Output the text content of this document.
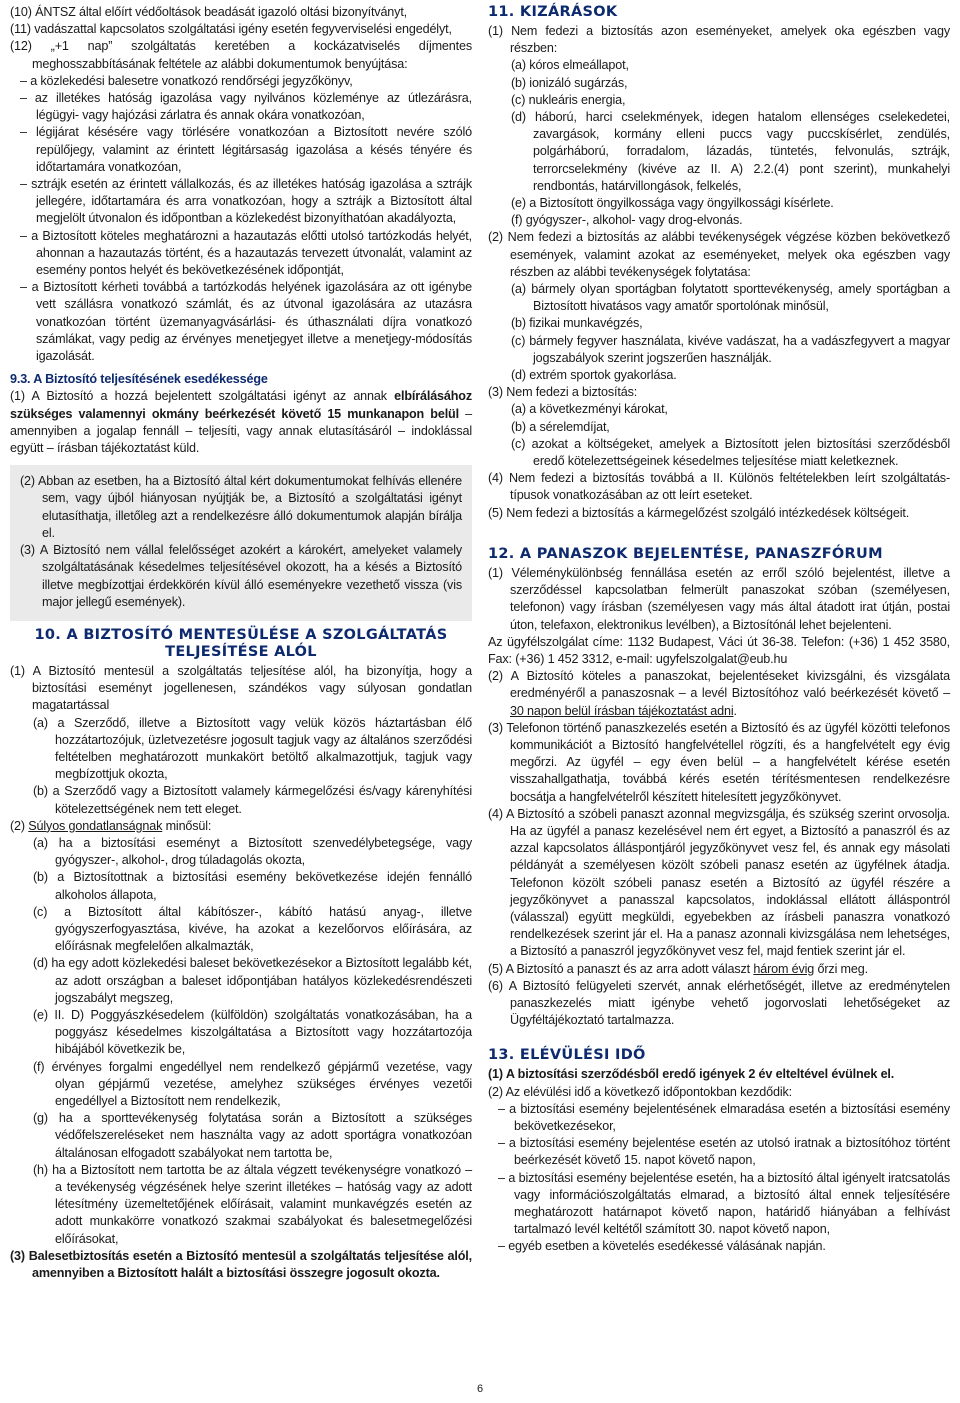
(10) ÁNTSZ által előírt védőoltások beadását igazoló oltási bizonyítványt,

(11) vadászattal kapcsolatos szolgáltatási igény esetén fegyverviselési engedélyt,

(12) „+1 nap” szolgáltatás keretében a kockázatviselés díjmentes meghosszabbításának feltétele az alábbi dokumentumok benyújtása:

– a közlekedési balesetre vonatkozó rendőrségi jegyzőkönyv,

– az illetékes hatóság igazolása vagy nyilvános közleménye az útlezárásra, légügyi- vagy hajózási zárlatra és annak okára vonatkozóan,

– légijárat késésére vagy törlésére vonatkozóan a Biztosított nevére szóló repülőjegy, valamint az érintett légitársaság igazolása a késés tényére és időtartamára vonatkozóan,

– sztrájk esetén az érintett vállalkozás, és az illetékes hatóság igazolása a sztrájk jellegére, időtartamára és arra vonatkozóan, hogy a sztrájk a Biztosított által megjelölt útvonalon és időpontban a közlekedést bizonyíthatóan akadályozta,

– a Biztosított köteles meghatározni a hazautazás előtti utolsó tartózkodás helyét, ahonnan a hazautazás történt, és a hazautazás tervezett útvonalát, valamint az esemény pontos helyét és bekövetkezésének időpontját,

– a Biztosított kérheti továbbá a tartózkodás helyének igazolására az ott igénybe vett szállásra vonatkozó számlát, és az útvonal igazolására az utazásra vonatkozóan történt üzemanyagvásárlási- és úthasználati díjra vonatkozó számlákat, vagy pedig az érvényes menetjegyet illetve a menetjegy-módosítás igazolását.

9.3. A Biztosító teljesítésének esedékessége

(1) A Biztosító a hozzá bejelentett szolgáltatási igényt az annak elbírálásához szükséges valamennyi okmány beérkezését követő 15 munkanapon belül – amennyiben a jogalap fennáll – teljesíti, vagy annak elutasításáról – indoklással együtt – írásban tájékoztatást küld.

(2) Abban az esetben, ha a Biztosító által kért dokumentumokat felhívás ellenére sem, vagy újból hiányosan nyújtják be, a Biztosító a szolgáltatási igényt elutasíthatja, illetőleg azt a rendelkezésre álló dokumentumok alapján bírálja el.

(3) A Biztosító nem vállal felelősséget azokért a károkért, amelyeket valamely szolgáltatásának késedelmes teljesítésével okozott, ha a késés a Biztosító illetve megbízottjai érdekkörén kívül álló eseményekre vezethető vissza (vis major jellegű események).

10. A BIZTOSÍTÓ MENTESÜLÉSE A SZOLGÁLTATÁS TELJESÍTÉSE ALÓL

(1) A Biztosító mentesül a szolgáltatás teljesítése alól, ha bizonyítja, hogy a biztosítási eseményt jogellenesen, szándékos vagy súlyosan gondatlan magatartással

(a) a Szerződő, illetve a Biztosított vagy velük közös háztartásban élő hozzátartozójuk, üzletvezetésre jogosult tagjuk vagy az általános szerződési feltételben meghatározott munkakört betöltő alkalmazottjuk, tagjuk vagy megbízottjuk okozta,

(b) a Szerződő vagy a Biztosított valamely kármegelőzési és/vagy kárenyhítési kötelezettségének nem tett eleget.

(2) Súlyos gondatlanságnak minősül:

(a) ha a biztosítási eseményt a Biztosított szenvedélybetegsége, vagy gyógyszer-, alkohol-, drog túladagolás okozta,

(b) a Biztosítottnak a biztosítási esemény bekövetkezése idején fennálló alkoholos állapota,

(c) a Biztosított által kábítószer-, kábító hatású anyag-, illetve gyógyszerfogyasztása, kivéve, ha azokat a kezelőorvos előírására, az előírásnak megfelelően alkalmazták,

(d) ha egy adott közlekedési baleset bekövetkezésekor a Biztosított legalább két, az adott országban a baleset időpontjában hatályos közlekedésrendészeti jogszabályt megszeg,

(e) II. D) Poggyászkésedelem (külföldön) szolgáltatás vonatkozásában, ha a poggyász késedelmes kiszolgáltatása a Biztosított vagy hozzátartozója hibájából következik be,

(f) érvényes forgalmi engedéllyel nem rendelkező gépjármű vezetése, vagy olyan gépjármű vezetése, amelyhez szükséges érvényes vezetői engedéllyel a Biztosított nem rendelkezik,

(g) ha a sporttevékenység folytatása során a Biztosított a szükséges védőfelszereléseket nem használta vagy az adott sportágra vonatkozóan általánosan elfogadott szabályokat nem tartotta be,

(h) ha a Biztosított nem tartotta be az általa végzett tevékenységre vonatkozó – a tevékenység végzésének helye szerint illetékes – hatóság vagy az adott létesítmény üzemeltetőjének előírásait, valamint munkavégzés esetén az adott munkakörre vonatkozó szakmai szabályokat és balesetmegelőzési előírásokat,

(3) Balesetbiztosítás esetén a Biztosító mentesül a szolgáltatás teljesítése alól, amennyiben a Biztosított halált a biztosítási összegre jogosult okozta.

11. KIZÁRÁSOK

(1) Nem fedezi a biztosítás azon eseményeket, amelyek oka egészben vagy részben:

(a) kóros elmeállapot,

(b) ionizáló sugárzás,

(c) nukleáris energia,

(d) háború, harci cselekmények, idegen hatalom ellenséges cselekedetei, zavargások, kormány elleni puccs vagy puccskísérlet, zendülés, polgárháború, forradalom, lázadás, tüntetés, felvonulás, sztrájk, terrorcselekmény (kivéve az II. A) 2.2.(4) pont szerint), munkahelyi rendbontás, határvillongások, felkelés,

(e) a Biztosított öngyilkossága vagy öngyilkossági kísérlete.

(f) gyógyszer-, alkohol- vagy drog-elvonás.

(2) Nem fedezi a biztosítás az alábbi tevékenységek végzése közben bekövetkező események, valamint azokat az eseményeket, melyek oka egészben vagy részben az alábbi tevékenységek folytatása:

(a) bármely olyan sportágban folytatott sporttevékenység, amely sportágban a Biztosított hivatásos vagy amatőr sportolónak minősül,

(b) fizikai munkavégzés,

(c) bármely fegyver használata, kivéve vadászat, ha a vadászfegyvert a magyar jogszabályok szerint jogszerűen használják.

(d) extrém sportok gyakorlása.

(3) Nem fedezi a biztosítás:

(a) a következményi károkat,

(b) a sérelemdíjat,

(c) azokat a költségeket, amelyek a Biztosított jelen biztosítási szerződésből eredő kötelezettségeinek késedelmes teljesítése miatt keletkeznek.

(4) Nem fedezi a biztosítás továbbá a II. Különös feltételekben leírt szolgáltatás-típusok vonatkozásában az ott leírt eseteket.

(5) Nem fedezi a biztosítás a kármegelőzést szolgáló intézkedések költségeit.

12. A PANASZOK BEJELENTÉSE, PANASZFÓRUM

(1) Véleménykülönbség fennállása esetén az erről szóló bejelentést, illetve a szerződéssel kapcsolatban felmerült panaszokat szóban (személyesen, telefonon) vagy írásban (személyesen vagy más által átadott irat útján, postai úton, telefaxon, elektronikus levélben), a Biztosítónál lehet bejelenteni.

Az ügyfélszolgálat címe: 1132 Budapest, Váci út 36-38. Telefon: (+36) 1 452 3580, Fax: (+36) 1 452 3312, e-mail: ugyfelszolgalat@eub.hu

(2) A Biztosító köteles a panaszokat, bejelentéseket kivizsgálni, és vizsgálata eredményéről a panaszosnak – a levél Biztosítóhoz való beérkezését követő – 30 napon belül írásban tájékoztatást adni.

(3) Telefonon történő panaszkezelés esetén a Biztosító és az ügyfél közötti telefonos kommunikációt a Biztosító hangfelvétellel rögzíti, és a hangfelvételt egy évig megőrzi. Az ügyfél – egy éven belül – a hangfelvételt kérése esetén visszahallgathatja, továbbá kérés esetén térítésmentesen rendelkezésre bocsátja a hangfelvételről készített hitelesített jegyzőkönyvet.

(4) A Biztosító a szóbeli panaszt azonnal megvizsgálja, és szükség szerint orvosolja. Ha az ügyfél a panasz kezelésével nem ért egyet, a Biztosító a panaszról és az azzal kapcsolatos álláspontjáról jegyzőkönyvet vesz fel, és annak egy másolati példányát a személyesen közölt szóbeli panasz esetén az ügyfélnek átadja. Telefonon közölt szóbeli panasz esetén a Biztosító az ügyfél részére a jegyzőkönyvet a panasszal kapcsolatos, indoklással ellátott álláspontról (válasszal) együtt megküldi, egyebekben az írásbeli panaszra vonatkozó rendelkezések szerint jár el. Ha a panasz azonnali kivizsgálása nem lehetséges, a Biztosító a panaszról jegyzőkönyvet vesz fel, majd fentiek szerint jár el.

(5) A Biztosító a panaszt és az arra adott választ három évig őrzi meg.

(6) A Biztosító felügyeleti szervét, annak elérhetőségét, illetve az eredménytelen panaszkezelés miatt igénybe vehető jogorvoslati lehetőségeket az Ügyféltájékoztató tartalmazza.

13. ELÉVÜLÉSI IDŐ

(1) A biztosítási szerződésből eredő igények 2 év elteltével évülnek el.

(2) Az elévülési idő a következő időpontokban kezdődik:

– a biztosítási esemény bejelentésének elmaradása esetén a biztosítási esemény bekövetkezésekor,

– a biztosítási esemény bejelentése esetén az utolsó iratnak a biztosítóhoz történt beérkezését követő 15. napot követő napon,

– a biztosítási esemény bejelentése esetén, ha a biztosító által igényelt iratcsatolás vagy információszolgáltatás elmarad, a biztosító által ennek teljesítésére meghatározott határnapot követő napon, határidő hiányában a felhívást tartalmazó levél keltétől számított 30. napot követő napon,

– egyéb esetben a követelés esedékessé válásának napján.

6
